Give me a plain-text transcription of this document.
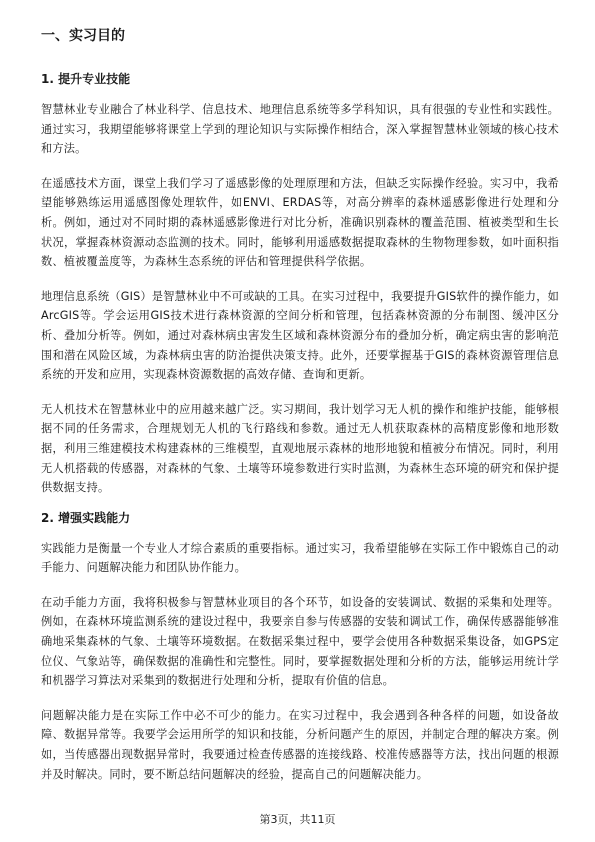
一、实习目的
1. 提升专业技能

智慧林业专业融合了林业科学、信息技术、地理信息系统等多学科知识，具有很强的专业性和实践性。通过实习，我期望能够将课堂上学到的理论知识与实际操作相结合，深入掌握智慧林业领域的核心技术和方法。

在遥感技术方面，课堂上我们学习了遥感影像的处理原理和方法，但缺乏实际操作经验。实习中，我希望能够熟练运用遥感图像处理软件，如ENVI、ERDAS等，对高分辨率的森林遥感影像进行处理和分析。例如，通过对不同时期的森林遥感影像进行对比分析，准确识别森林的覆盖范围、植被类型和生长状况，掌握森林资源动态监测的技术。同时，能够利用遥感数据提取森林的生物物理参数，如叶面积指数、植被覆盖度等，为森林生态系统的评估和管理提供科学依据。

地理信息系统（GIS）是智慧林业中不可或缺的工具。在实习过程中，我要提升GIS软件的操作能力，如ArcGIS等。学会运用GIS技术进行森林资源的空间分析和管理，包括森林资源的分布制图、缓冲区分析、叠加分析等。例如，通过对森林病虫害发生区域和森林资源分布的叠加分析，确定病虫害的影响范围和潜在风险区域，为森林病虫害的防治提供决策支持。此外，还要掌握基于GIS的森林资源管理信息系统的开发和应用，实现森林资源数据的高效存储、查询和更新。

无人机技术在智慧林业中的应用越来越广泛。实习期间，我计划学习无人机的操作和维护技能，能够根据不同的任务需求，合理规划无人机的飞行路线和参数。通过无人机获取森林的高精度影像和地形数据，利用三维建模技术构建森林的三维模型，直观地展示森林的地形地貌和植被分布情况。同时，利用无人机搭载的传感器，对森林的气象、土壤等环境参数进行实时监测，为森林生态环境的研究和保护提供数据支持。

2. 增强实践能力

实践能力是衡量一个专业人才综合素质的重要指标。通过实习，我希望能够在实际工作中锻炼自己的动手能力、问题解决能力和团队协作能力。

在动手能力方面，我将积极参与智慧林业项目的各个环节，如设备的安装调试、数据的采集和处理等。例如，在森林环境监测系统的建设过程中，我要亲自参与传感器的安装和调试工作，确保传感器能够准确地采集森林的气象、土壤等环境数据。在数据采集过程中，要学会使用各种数据采集设备，如GPS定位仪、气象站等，确保数据的准确性和完整性。同时，要掌握数据处理和分析的方法，能够运用统计学和机器学习算法对采集到的数据进行处理和分析，提取有价值的信息。

问题解决能力是在实际工作中必不可少的能力。在实习过程中，我会遇到各种各样的问题，如设备故障、数据异常等。我要学会运用所学的知识和技能，分析问题产生的原因，并制定合理的解决方案。例如，当传感器出现数据异常时，我要通过检查传感器的连接线路、校准传感器等方法，找出问题的根源并及时解决。同时，要不断总结问题解决的经验，提高自己的问题解决能力。

第3页，共11页
